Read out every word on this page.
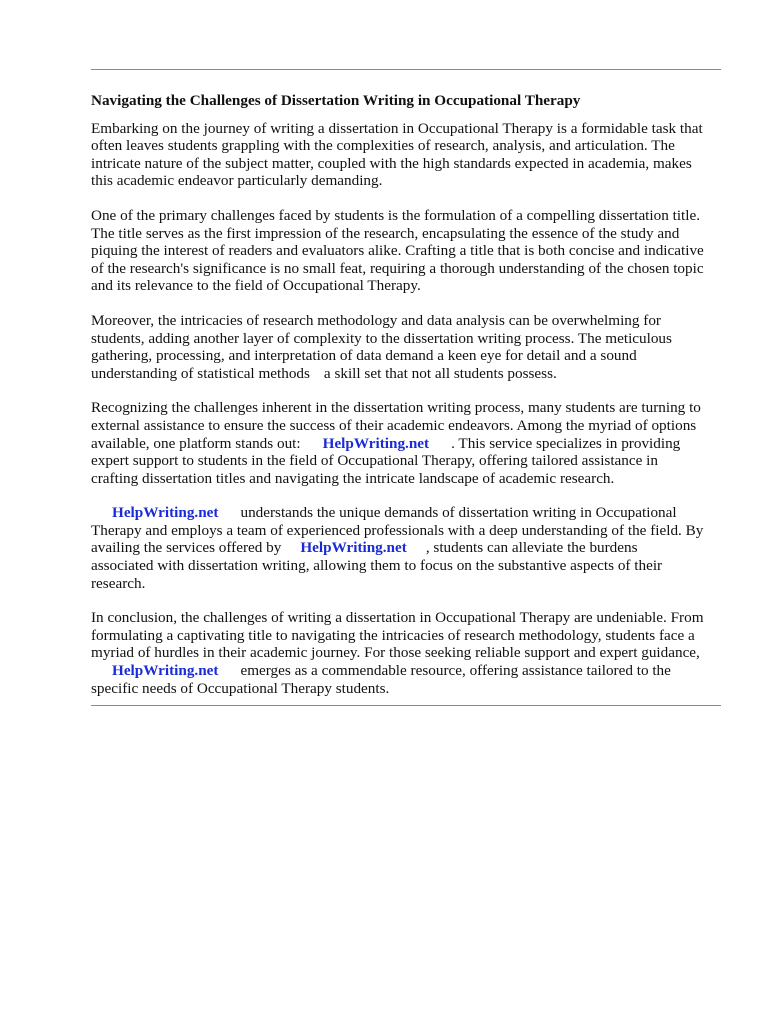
Navigating the Challenges of Dissertation Writing in Occupational Therapy
Embarking on the journey of writing a dissertation in Occupational Therapy is a formidable task that
often leaves students grappling with the complexities of research, analysis, and articulation. The
intricate nature of the subject matter, coupled with the high standards expected in academia, makes
this academic endeavor particularly demanding.
One of the primary challenges faced by students is the formulation of a compelling dissertation title.
The title serves as the first impression of the research, encapsulating the essence of the study and
piquing the interest of readers and evaluators alike. Crafting a title that is both concise and indicative
of the research's significance is no small feat, requiring a thorough understanding of the chosen topic
and its relevance to the field of Occupational Therapy.
Moreover, the intricacies of research methodology and data analysis can be overwhelming for
students, adding another layer of complexity to the dissertation writing process. The meticulous
gathering, processing, and interpretation of data demand a keen eye for detail and a sound
understanding of statistical methods a skill set that not all students possess.
Recognizing the challenges inherent in the dissertation writing process, many students are turning to
external assistance to ensure the success of their academic endeavors. Among the myriad of options
available, one platform stands out: HelpWriting.net . This service specializes in providing
expert support to students in the field of Occupational Therapy, offering tailored assistance in
crafting dissertation titles and navigating the intricate landscape of academic research.
HelpWriting.net understands the unique demands of dissertation writing in Occupational
Therapy and employs a team of experienced professionals with a deep understanding of the field. By
availing the services offered by HelpWriting.net , students can alleviate the burdens
associated with dissertation writing, allowing them to focus on the substantive aspects of their
research.
In conclusion, the challenges of writing a dissertation in Occupational Therapy are undeniable. From
formulating a captivating title to navigating the intricacies of research methodology, students face a
myriad of hurdles in their academic journey. For those seeking reliable support and expert guidance,
HelpWriting.net emerges as a commendable resource, offering assistance tailored to the
specific needs of Occupational Therapy students.
